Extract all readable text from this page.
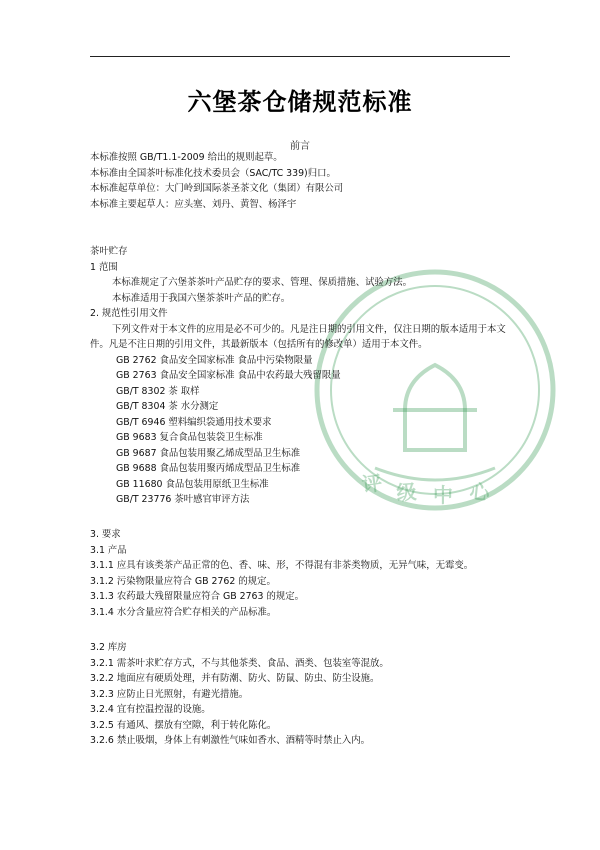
六堡茶仓储规范标准
前言
本标准按照 GB/T1.1-2009 给出的规则起草。
本标准由全国茶叶标准化技术委员会（SAC/TC 339)归口。
本标准起草单位：大门岭到国际茶圣茶文化（集团）有限公司
本标准主要起草人：应头塞、刘丹、黄智、杨泽宇
评 级 中 心
茶叶贮存
1 范围
本标准规定了六堡茶茶叶产品贮存的要求、管理、保质措施、试验方法。
本标准适用于我国六堡茶茶叶产品的贮存。
2. 规范性引用文件
下列文件对于本文件的应用是必不可少的。凡是注日期的引用文件，仅注日期的版本适用于本文件。凡是不注日期的引用文件，其最新版本（包括所有的修改单）适用于本文件。
GB 2762 食品安全国家标准 食品中污染物限量
GB 2763 食品安全国家标准 食品中农药最大残留限量
GB/T 8302 茶 取样
GB/T 8304 茶 水分测定
GB/T 6946 塑料编织袋通用技术要求
GB 9683 复合食品包装袋卫生标准
GB 9687 食品包装用聚乙烯成型品卫生标准
GB 9688 食品包装用聚丙烯成型品卫生标准
GB 11680 食品包装用原纸卫生标准
GB/T 23776 茶叶感官审评方法
3. 要求
3.1 产品
3.1.1 应具有该类茶产品正常的色、香、味、形，不得混有非茶类物质，无异气味，无霉变。
3.1.2 污染物限量应符合 GB 2762 的规定。
3.1.3 农药最大残留限量应符合 GB 2763 的规定。
3.1.4 水分含量应符合贮存相关的产品标准。
3.2 库房
3.2.1 需茶叶求贮存方式，不与其他茶类、食品、酒类、包装室等混放。
3.2.2 地面应有硬质处理，并有防潮、防火、防鼠、防虫、防尘设施。
3.2.3 应防止日光照射，有避光措施。
3.2.4 宜有控温控湿的设施。
3.2.5 有通风、摆放有空隙，利于转化陈化。
3.2.6 禁止吸烟，身体上有刺激性气味如香水、酒精等时禁止入内。
